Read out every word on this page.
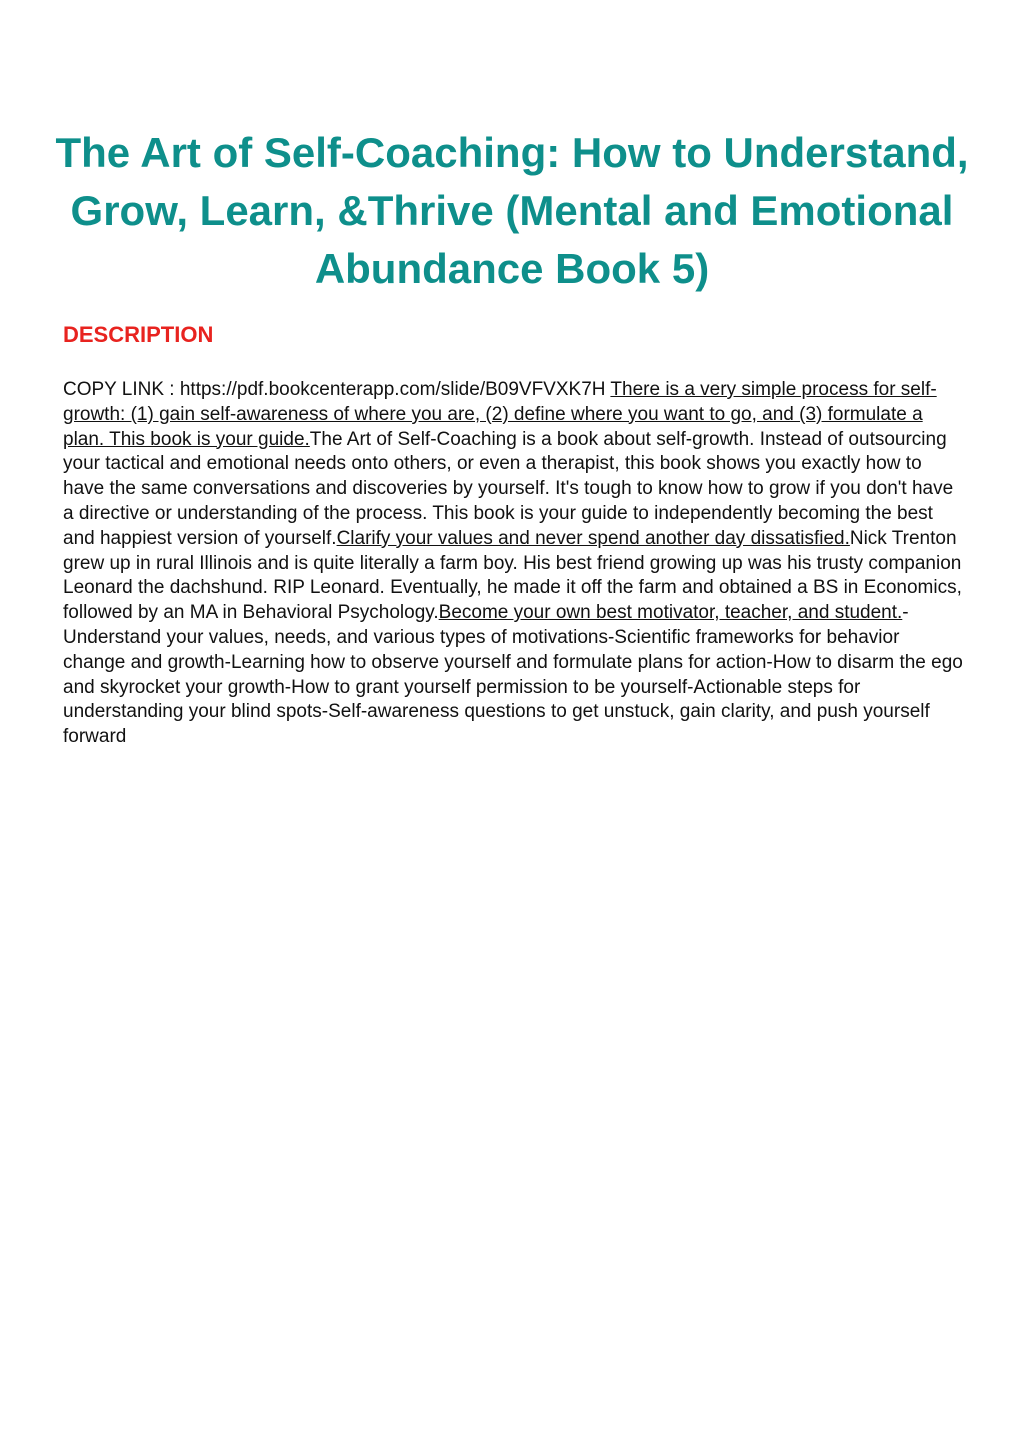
The Art of Self-Coaching: How to Understand, Grow, Learn, &Thrive (Mental and Emotional Abundance Book 5)
DESCRIPTION

COPY LINK : https://pdf.bookcenterapp.com/slide/B09VFVXK7H There is a very simple process for self-growth: (1) gain self-awareness of where you are, (2) define where you want to go, and (3) formulate a plan. This book is your guide.The Art of Self-Coaching is a book about self-growth. Instead of outsourcing your tactical and emotional needs onto others, or even a therapist, this book shows you exactly how to have the same conversations and discoveries by yourself. It's tough to know how to grow if you don't have a directive or understanding of the process. This book is your guide to independently becoming the best and happiest version of yourself.Clarify your values and never spend another day dissatisfied.Nick Trenton grew up in rural Illinois and is quite literally a farm boy. His best friend growing up was his trusty companion Leonard the dachshund. RIP Leonard. Eventually, he made it off the farm and obtained a BS in Economics, followed by an MA in Behavioral Psychology.Become your own best motivator, teacher, and student.-Understand your values, needs, and various types of motivations-Scientific frameworks for behavior change and growth-Learning how to observe yourself and formulate plans for action-How to disarm the ego and skyrocket your growth-How to grant yourself permission to be yourself-Actionable steps for understanding your blind spots-Self-awareness questions to get unstuck, gain clarity, and push yourself forward
